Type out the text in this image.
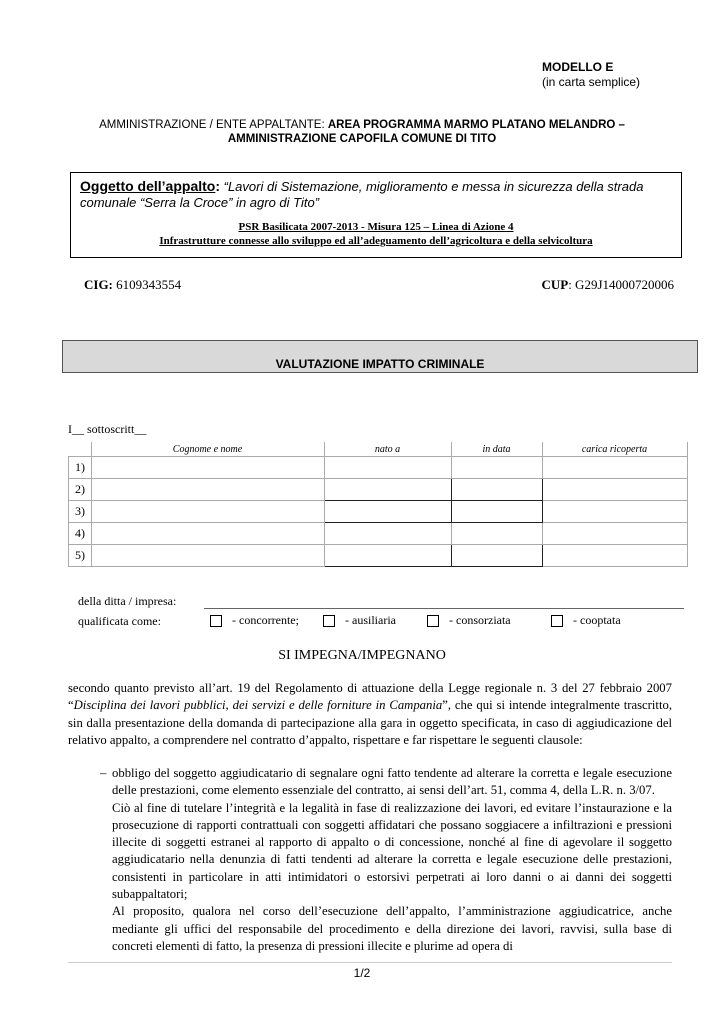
MODELLO E
(in carta semplice)
AMMINISTRAZIONE / ENTE APPALTANTE: AREA PROGRAMMA MARMO PLATANO MELANDRO –
AMMINISTRAZIONE CAPOFILA COMUNE DI TITO
Oggetto dell’appalto: “Lavori di Sistemazione, miglioramento e messa in sicurezza della strada comunale “Serra la Croce” in agro di Tito”
PSR Basilicata 2007-2013 - Misura 125 – Linea di Azione 4
Infrastrutture connesse allo sviluppo ed all’adeguamento dell’agricoltura e della selvicoltura
CIG: 6109343554	CUP: G29J14000720006
VALUTAZIONE IMPATTO CRIMINALE
I__ sottoscritt__
	Cognome e nome	nato a	in data	carica ricoperta
1)				
2)				
3)				
4)				
5)				
della ditta / impresa:
qualificata come:	- concorrente;	- ausiliaria	- consorziata	- cooptata
SI IMPEGNA/IMPEGNANO

secondo quanto previsto all’art. 19 del Regolamento di attuazione della Legge regionale n. 3 del 27 febbraio 2007 “Disciplina dei lavori pubblici, dei servizi e delle forniture in Campania”, che qui si intende integralmente trascritto, sin dalla presentazione della domanda di partecipazione alla gara in oggetto specificata, in caso di aggiudicazione del relativo appalto, a comprendere nel contratto d’appalto, rispettare e far rispettare le seguenti clausole:

– obbligo del soggetto aggiudicatario di segnalare ogni fatto tendente ad alterare la corretta e legale esecuzione delle prestazioni, come elemento essenziale del contratto, ai sensi dell’art. 51, comma 4, della L.R. n. 3/07.

Ciò al fine di tutelare l’integrità e la legalità in fase di realizzazione dei lavori, ed evitare l’instaurazione e la prosecuzione di rapporti contrattuali con soggetti affidatari che possano soggiacere a infiltrazioni e pressioni illecite di soggetti estranei al rapporto di appalto o di concessione, nonché al fine di agevolare il soggetto aggiudicatario nella denunzia di fatti tendenti ad alterare la corretta e legale esecuzione delle prestazioni, consistenti in particolare in atti intimidatori o estorsivi perpetrati ai loro danni o ai danni dei soggetti subappaltatori;

Al proposito, qualora nel corso dell’esecuzione dell’appalto, l’amministrazione aggiudicatrice, anche mediante gli uffici del responsabile del procedimento e della direzione dei lavori, ravvisi, sulla base di concreti elementi di fatto, la presenza di pressioni illecite e plurime ad opera di

1/2
